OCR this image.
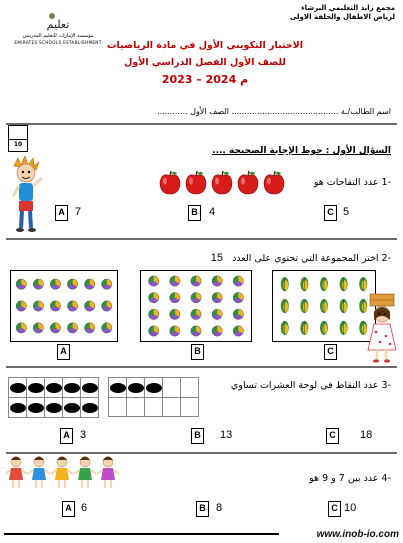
مجمع زايد التعليمي البرشاء
لرياض الاطفال والحلقة الاولى
تعليم
مؤسسة الإمارات للتعليم المدرسي
EMIRATES SCHOOLS ESTABLISHMENT الاختبار التكويني الأول في مادة الرياضيات
للصف الأول الفصل الدراسي الأول
2023 – 2024 م
اسم الطالب/ـة .......................................... الصف الأول ............
10
السؤال الأول : حوط الإجابة الصحيحة ....
-1 عدد التفاحات هو
A 7	B 4	C 5
-2 اختر المجموعة التي تحتوي على العدد 15
A	B	C
-3 عدد النقاط في لوحة العشرات تساوي

A 3	B 13	C 18
-4 عدد بين 7 و 9 هو
A 6	B 8	C 10
www.inob-io.com
